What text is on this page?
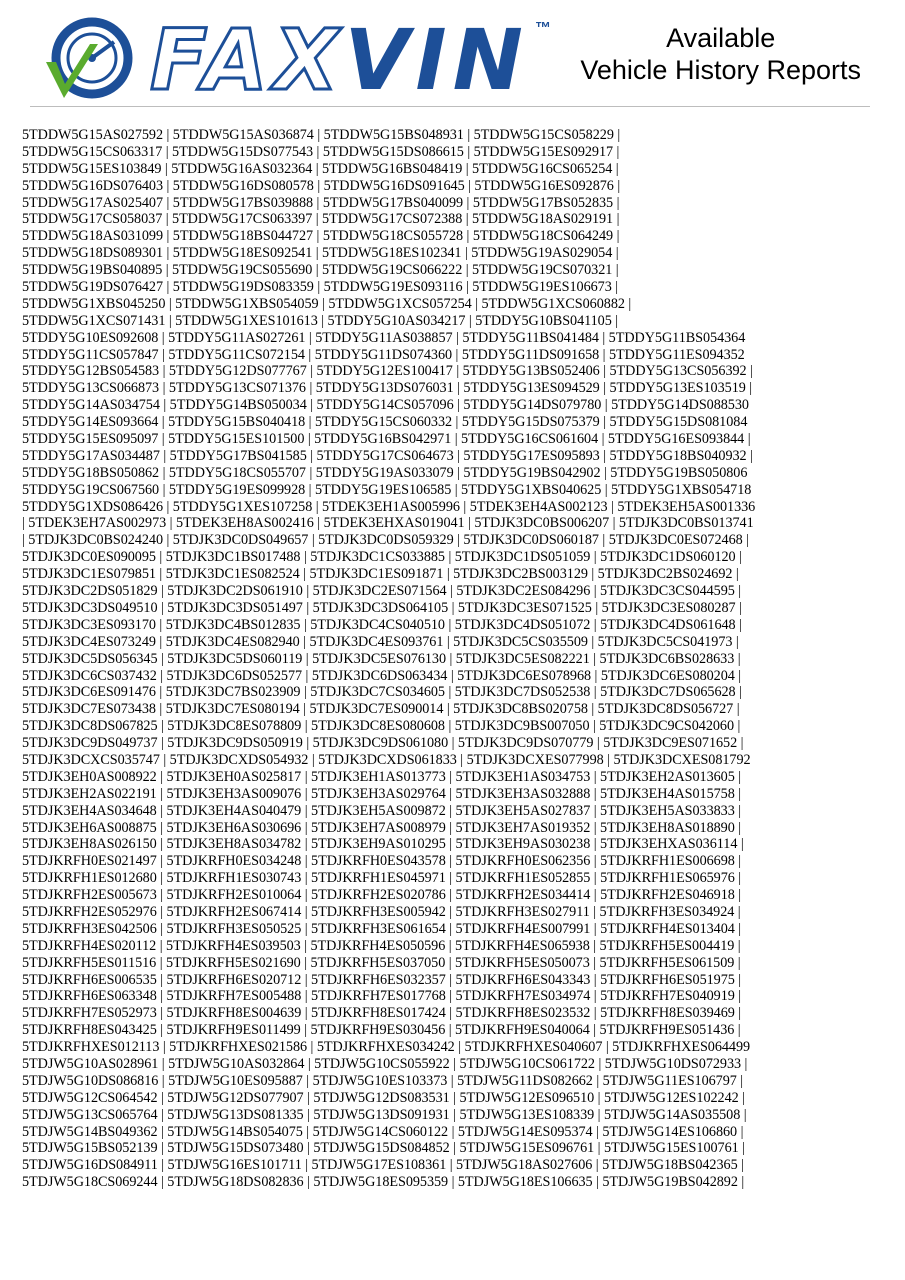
FAXVIN ™	Available
Vehicle History Reports
5TDDW5G15AS027592 | 5TDDW5G15AS036874 | 5TDDW5G15BS048931 | 5TDDW5G15CS058229 |
5TDDW5G15CS063317 | 5TDDW5G15DS077543 | 5TDDW5G15DS086615 | 5TDDW5G15ES092917 |
5TDDW5G15ES103849 | 5TDDW5G16AS032364 | 5TDDW5G16BS048419 | 5TDDW5G16CS065254 |
5TDDW5G16DS076403 | 5TDDW5G16DS080578 | 5TDDW5G16DS091645 | 5TDDW5G16ES092876 |
5TDDW5G17AS025407 | 5TDDW5G17BS039888 | 5TDDW5G17BS040099 | 5TDDW5G17BS052835 |
5TDDW5G17CS058037 | 5TDDW5G17CS063397 | 5TDDW5G17CS072388 | 5TDDW5G18AS029191 |
5TDDW5G18AS031099 | 5TDDW5G18BS044727 | 5TDDW5G18CS055728 | 5TDDW5G18CS064249 |
5TDDW5G18DS089301 | 5TDDW5G18ES092541 | 5TDDW5G18ES102341 | 5TDDW5G19AS029054 |
5TDDW5G19BS040895 | 5TDDW5G19CS055690 | 5TDDW5G19CS066222 | 5TDDW5G19CS070321 |
5TDDW5G19DS076427 | 5TDDW5G19DS083359 | 5TDDW5G19ES093116 | 5TDDW5G19ES106673 |
5TDDW5G1XBS045250 | 5TDDW5G1XBS054059 | 5TDDW5G1XCS057254 | 5TDDW5G1XCS060882 |
5TDDW5G1XCS071431 | 5TDDW5G1XES101613 | 5TDDY5G10AS034217 | 5TDDY5G10BS041105 |
5TDDY5G10ES092608 | 5TDDY5G11AS027261 | 5TDDY5G11AS038857 | 5TDDY5G11BS041484 | 5TDDY5G11BS054364
5TDDY5G11CS057847 | 5TDDY5G11CS072154 | 5TDDY5G11DS074360 | 5TDDY5G11DS091658 | 5TDDY5G11ES094352
5TDDY5G12BS054583 | 5TDDY5G12DS077767 | 5TDDY5G12ES100417 | 5TDDY5G13BS052406 | 5TDDY5G13CS056392 |
5TDDY5G13CS066873 | 5TDDY5G13CS071376 | 5TDDY5G13DS076031 | 5TDDY5G13ES094529 | 5TDDY5G13ES103519 |
5TDDY5G14AS034754 | 5TDDY5G14BS050034 | 5TDDY5G14CS057096 | 5TDDY5G14DS079780 | 5TDDY5G14DS088530
5TDDY5G14ES093664 | 5TDDY5G15BS040418 | 5TDDY5G15CS060332 | 5TDDY5G15DS075379 | 5TDDY5G15DS081084
5TDDY5G15ES095097 | 5TDDY5G15ES101500 | 5TDDY5G16BS042971 | 5TDDY5G16CS061604 | 5TDDY5G16ES093844 |
5TDDY5G17AS034487 | 5TDDY5G17BS041585 | 5TDDY5G17CS064673 | 5TDDY5G17ES095893 | 5TDDY5G18BS040932 |
5TDDY5G18BS050862 | 5TDDY5G18CS055707 | 5TDDY5G19AS033079 | 5TDDY5G19BS042902 | 5TDDY5G19BS050806
5TDDY5G19CS067560 | 5TDDY5G19ES099928 | 5TDDY5G19ES106585 | 5TDDY5G1XBS040625 | 5TDDY5G1XBS054718
5TDDY5G1XDS086426 | 5TDDY5G1XES107258 | 5TDEK3EH1AS005996 | 5TDEK3EH4AS002123 | 5TDEK3EH5AS001336
| 5TDEK3EH7AS002973 | 5TDEK3EH8AS002416 | 5TDEK3EHXAS019041 | 5TDJK3DC0BS006207 | 5TDJK3DC0BS013741
| 5TDJK3DC0BS024240 | 5TDJK3DC0DS049657 | 5TDJK3DC0DS059329 | 5TDJK3DC0DS060187 | 5TDJK3DC0ES072468 |
5TDJK3DC0ES090095 | 5TDJK3DC1BS017488 | 5TDJK3DC1CS033885 | 5TDJK3DC1DS051059 | 5TDJK3DC1DS060120 |
5TDJK3DC1ES079851 | 5TDJK3DC1ES082524 | 5TDJK3DC1ES091871 | 5TDJK3DC2BS003129 | 5TDJK3DC2BS024692 |
5TDJK3DC2DS051829 | 5TDJK3DC2DS061910 | 5TDJK3DC2ES071564 | 5TDJK3DC2ES084296 | 5TDJK3DC3CS044595 |
5TDJK3DC3DS049510 | 5TDJK3DC3DS051497 | 5TDJK3DC3DS064105 | 5TDJK3DC3ES071525 | 5TDJK3DC3ES080287 |
5TDJK3DC3ES093170 | 5TDJK3DC4BS012835 | 5TDJK3DC4CS040510 | 5TDJK3DC4DS051072 | 5TDJK3DC4DS061648 |
5TDJK3DC4ES073249 | 5TDJK3DC4ES082940 | 5TDJK3DC4ES093761 | 5TDJK3DC5CS035509 | 5TDJK3DC5CS041973 |
5TDJK3DC5DS056345 | 5TDJK3DC5DS060119 | 5TDJK3DC5ES076130 | 5TDJK3DC5ES082221 | 5TDJK3DC6BS028633 |
5TDJK3DC6CS037432 | 5TDJK3DC6DS052577 | 5TDJK3DC6DS063434 | 5TDJK3DC6ES078968 | 5TDJK3DC6ES080204 |
5TDJK3DC6ES091476 | 5TDJK3DC7BS023909 | 5TDJK3DC7CS034605 | 5TDJK3DC7DS052538 | 5TDJK3DC7DS065628 |
5TDJK3DC7ES073438 | 5TDJK3DC7ES080194 | 5TDJK3DC7ES090014 | 5TDJK3DC8BS020758 | 5TDJK3DC8DS056727 |
5TDJK3DC8DS067825 | 5TDJK3DC8ES078809 | 5TDJK3DC8ES080608 | 5TDJK3DC9BS007050 | 5TDJK3DC9CS042060 |
5TDJK3DC9DS049737 | 5TDJK3DC9DS050919 | 5TDJK3DC9DS061080 | 5TDJK3DC9DS070779 | 5TDJK3DC9ES071652 |
5TDJK3DCXCS035747 | 5TDJK3DCXDS054932 | 5TDJK3DCXDS061833 | 5TDJK3DCXES077998 | 5TDJK3DCXES081792
5TDJK3EH0AS008922 | 5TDJK3EH0AS025817 | 5TDJK3EH1AS013773 | 5TDJK3EH1AS034753 | 5TDJK3EH2AS013605 |
5TDJK3EH2AS022191 | 5TDJK3EH3AS009076 | 5TDJK3EH3AS029764 | 5TDJK3EH3AS032888 | 5TDJK3EH4AS015758 |
5TDJK3EH4AS034648 | 5TDJK3EH4AS040479 | 5TDJK3EH5AS009872 | 5TDJK3EH5AS027837 | 5TDJK3EH5AS033833 |
5TDJK3EH6AS008875 | 5TDJK3EH6AS030696 | 5TDJK3EH7AS008979 | 5TDJK3EH7AS019352 | 5TDJK3EH8AS018890 |
5TDJK3EH8AS026150 | 5TDJK3EH8AS034782 | 5TDJK3EH9AS010295 | 5TDJK3EH9AS030238 | 5TDJK3EHXAS036114 |
5TDJKRFH0ES021497 | 5TDJKRFH0ES034248 | 5TDJKRFH0ES043578 | 5TDJKRFH0ES062356 | 5TDJKRFH1ES006698 |
5TDJKRFH1ES012680 | 5TDJKRFH1ES030743 | 5TDJKRFH1ES045971 | 5TDJKRFH1ES052855 | 5TDJKRFH1ES065976 |
5TDJKRFH2ES005673 | 5TDJKRFH2ES010064 | 5TDJKRFH2ES020786 | 5TDJKRFH2ES034414 | 5TDJKRFH2ES046918 |
5TDJKRFH2ES052976 | 5TDJKRFH2ES067414 | 5TDJKRFH3ES005942 | 5TDJKRFH3ES027911 | 5TDJKRFH3ES034924 |
5TDJKRFH3ES042506 | 5TDJKRFH3ES050525 | 5TDJKRFH3ES061654 | 5TDJKRFH4ES007991 | 5TDJKRFH4ES013404 |
5TDJKRFH4ES020112 | 5TDJKRFH4ES039503 | 5TDJKRFH4ES050596 | 5TDJKRFH4ES065938 | 5TDJKRFH5ES004419 |
5TDJKRFH5ES011516 | 5TDJKRFH5ES021690 | 5TDJKRFH5ES037050 | 5TDJKRFH5ES050073 | 5TDJKRFH5ES061509 |
5TDJKRFH6ES006535 | 5TDJKRFH6ES020712 | 5TDJKRFH6ES032357 | 5TDJKRFH6ES043343 | 5TDJKRFH6ES051975 |
5TDJKRFH6ES063348 | 5TDJKRFH7ES005488 | 5TDJKRFH7ES017768 | 5TDJKRFH7ES034974 | 5TDJKRFH7ES040919 |
5TDJKRFH7ES052973 | 5TDJKRFH8ES004639 | 5TDJKRFH8ES017424 | 5TDJKRFH8ES023532 | 5TDJKRFH8ES039469 |
5TDJKRFH8ES043425 | 5TDJKRFH9ES011499 | 5TDJKRFH9ES030456 | 5TDJKRFH9ES040064 | 5TDJKRFH9ES051436 |
5TDJKRFHXES012113 | 5TDJKRFHXES021586 | 5TDJKRFHXES034242 | 5TDJKRFHXES040607 | 5TDJKRFHXES064499
5TDJW5G10AS028961 | 5TDJW5G10AS032864 | 5TDJW5G10CS055922 | 5TDJW5G10CS061722 | 5TDJW5G10DS072933 |
5TDJW5G10DS086816 | 5TDJW5G10ES095887 | 5TDJW5G10ES103373 | 5TDJW5G11DS082662 | 5TDJW5G11ES106797 |
5TDJW5G12CS064542 | 5TDJW5G12DS077907 | 5TDJW5G12DS083531 | 5TDJW5G12ES096510 | 5TDJW5G12ES102242 |
5TDJW5G13CS065764 | 5TDJW5G13DS081335 | 5TDJW5G13DS091931 | 5TDJW5G13ES108339 | 5TDJW5G14AS035508 |
5TDJW5G14BS049362 | 5TDJW5G14BS054075 | 5TDJW5G14CS060122 | 5TDJW5G14ES095374 | 5TDJW5G14ES106860 |
5TDJW5G15BS052139 | 5TDJW5G15DS073480 | 5TDJW5G15DS084852 | 5TDJW5G15ES096761 | 5TDJW5G15ES100761 |
5TDJW5G16DS084911 | 5TDJW5G16ES101711 | 5TDJW5G17ES108361 | 5TDJW5G18AS027606 | 5TDJW5G18BS042365 |
5TDJW5G18CS069244 | 5TDJW5G18DS082836 | 5TDJW5G18ES095359 | 5TDJW5G18ES106635 | 5TDJW5G19BS042892 |
